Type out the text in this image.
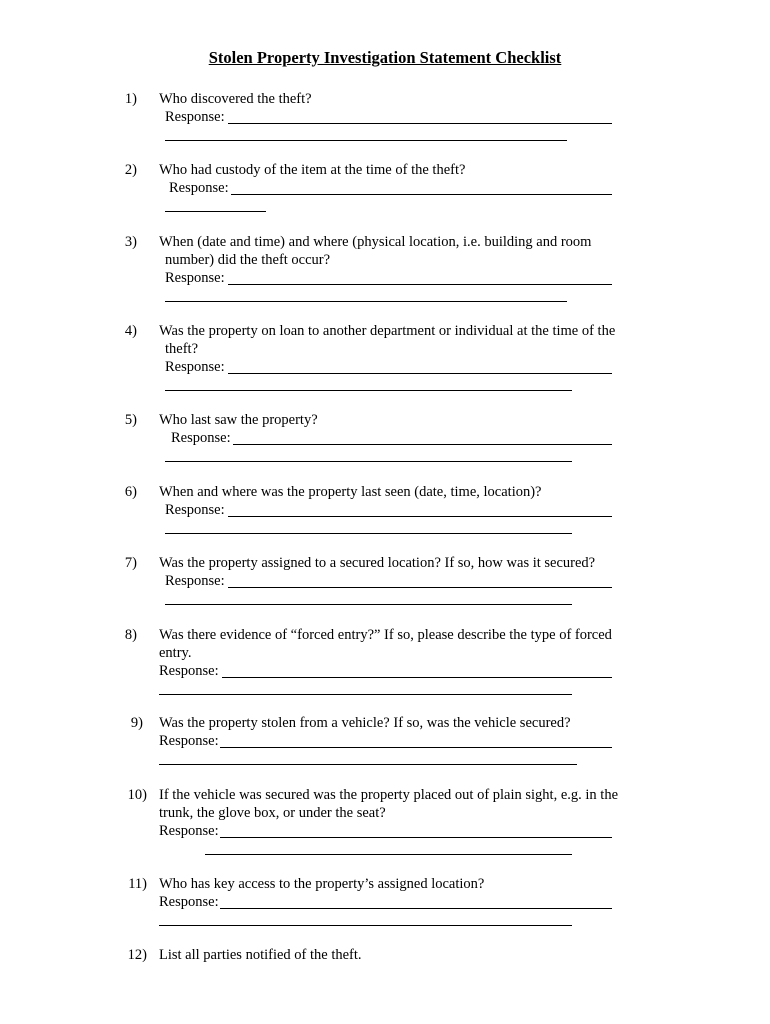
Stolen Property Investigation Statement Checklist
1) Who discovered the theft?
Response:
2) Who had custody of the item at the time of the theft?
Response:
3) When (date and time) and where (physical location, i.e. building and room
number) did the theft occur?
Response:
4) Was the property on loan to another department or individual at the time of the
theft?
Response:
5) Who last saw the property?
Response:
6) When and where was the property last seen (date, time, location)?
Response:
7) Was the property assigned to a secured location? If so, how was it secured?
Response:
8) Was there evidence of “forced entry?” If so, please describe the type of forced
entry.
Response:
9) Was the property stolen from a vehicle? If so, was the vehicle secured?
Response:
10) If the vehicle was secured was the property placed out of plain sight, e.g. in the
trunk, the glove box, or under the seat?
Response:
11) Who has key access to the property’s assigned location?
Response:
12) List all parties notified of the theft.
